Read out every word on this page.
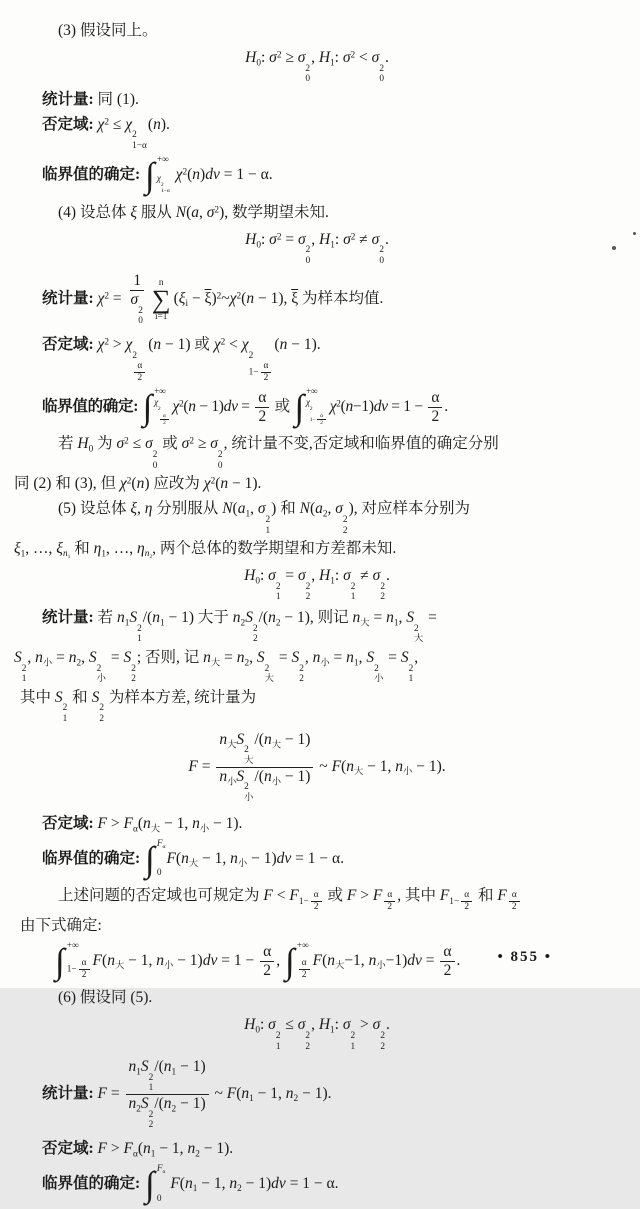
(3) 假设同上。
$H_0$: $\sigma^2 \ge \sigma$
2
0
, $H_1$: $\sigma^2 < \sigma$
2
0
.
统计量: 同 (1).
否定域: $\chi^2 \le \chi$
2
1−α
(n).
临界值的确定: ∫ +∞
χ
2
1−α
$\chi^2(n)dv = 1 - \alpha$.
(4) 设总体 ξ 服从 N(a, $\sigma^2$), 数学期望未知.
$H_0$: $\sigma^2 = \sigma$
2
0
, $H_1$: $\sigma^2 \ne \sigma$
2
0
.
统计量: $\chi^2 = 1$
σ
2
0 n
∑
i=1
($\xi_i$ − $\overline{\xi})^2\sim\chi^2(n - 1)$, $\overline{\xi}$ 为样本均值.
否定域: $\chi^2 > \chi$
2
$\frac{\alpha}{2}$
(n − 1) 或 $\chi^2 < \chi$
2
$1- \frac{\alpha}{2}$
(n − 1).
临界值的确定: ∫ +∞
χ
2
$\frac{\alpha}{2}$
$\chi^2(n - 1)dv = \frac{\alpha}{2}$ 或 ∫ +∞
χ
2
$1- \frac{\alpha}{2}$
$\chi^2(n-1)dv = 1 - \frac{\alpha}{2}$ .
若 $H_0$ 为 $\sigma^2 \le \sigma$
2
0
或 $\sigma^2 \ge \sigma$
2
0
, 统计量不变,否定域和临界值的确定分别
同 (2) 和 (3), 但 $\chi^2(n)$ 应改为 $\chi^2(n - 1)$.
(5) 设总体 ξ, η 分别服从 $N(a_1$, σ
2
1
) 和 $N(a_2$, σ
2
2
), 对应样本分别为
$\xi_1$, …, $\xi_{n_1}$ 和 $\eta_1$, …, $\eta_{n_2}$, 两个总体的数学期望和方差都未知.
$H_0$: σ
2
1
= σ
2
2
, $H_1$: σ
2
1
≠ σ
2
2
.
统计量: 若 $n_1S$
2
1
$/(n_1 - 1)$ 大于 $n_2S$
2
2
$/(n_2 - 1)$, 则记 $n_大 = n_1$, S
2
大
=
S
2
1
, $n_小 = n_2$, S
2
小
= S
2
2
; 否则, 记 $n_大 = n_2$, S
2
大
= S
2
2
, $n_小 = n_1$, S
2
小
= S
2
1
,
其中 S
2
1
和 S
2
2
为样本方差, 统计量为
$F = n_大S$
2
大
$/(n_大 - 1)$
$n_小S$
2
小
$/(n_小 - 1)$ ~ $F(n_大 - 1$, $n_小 - 1$).
否定域: $F > F_\alpha(n_大 - 1$, $n_小 - 1$).
临界值的确定: ∫ $F_\alpha$
0
$F(n_大 - 1$, $n_小 - 1)dv = 1 - \alpha$.
上述问题的否定域也可规定为 $F < F_{1- \frac{\alpha}{2}}$ 或 F > F $_{\frac{\alpha}{2}}$ , 其中 $F_{1- \frac{\alpha}{2}}$ 和 F $_{\frac{\alpha}{2}}$
由下式确定:
∫ +∞
$1- \frac{\alpha}{2} F(n_大 - 1$, $n_小 - 1)dv = 1 - \frac{\alpha}{2}$ , ∫ +∞
$\frac{\alpha}{2} F(n_大-1$, $n_小-1)dv = \frac{\alpha}{2}$ .
(6) 假设同 (5).
$H_0$: σ
2
1
≤ σ
2
2
, $H_1$: σ
2
1
> σ
2
2
.
统计量: $F = n_1S$
2
1
$/(n_1 - 1)$
$n_2S$
2
2
$/(n_2 - 1)$ ~ $F(n_1 - 1$, $n_2 - 1$).
否定域: $F > F_\alpha(n_1 - 1$, $n_2 - 1$).
临界值的确定: ∫ $F_\alpha$
0
$F(n_1 - 1$, $n_2 - 1)dv = 1 - \alpha$.
• 855 •
